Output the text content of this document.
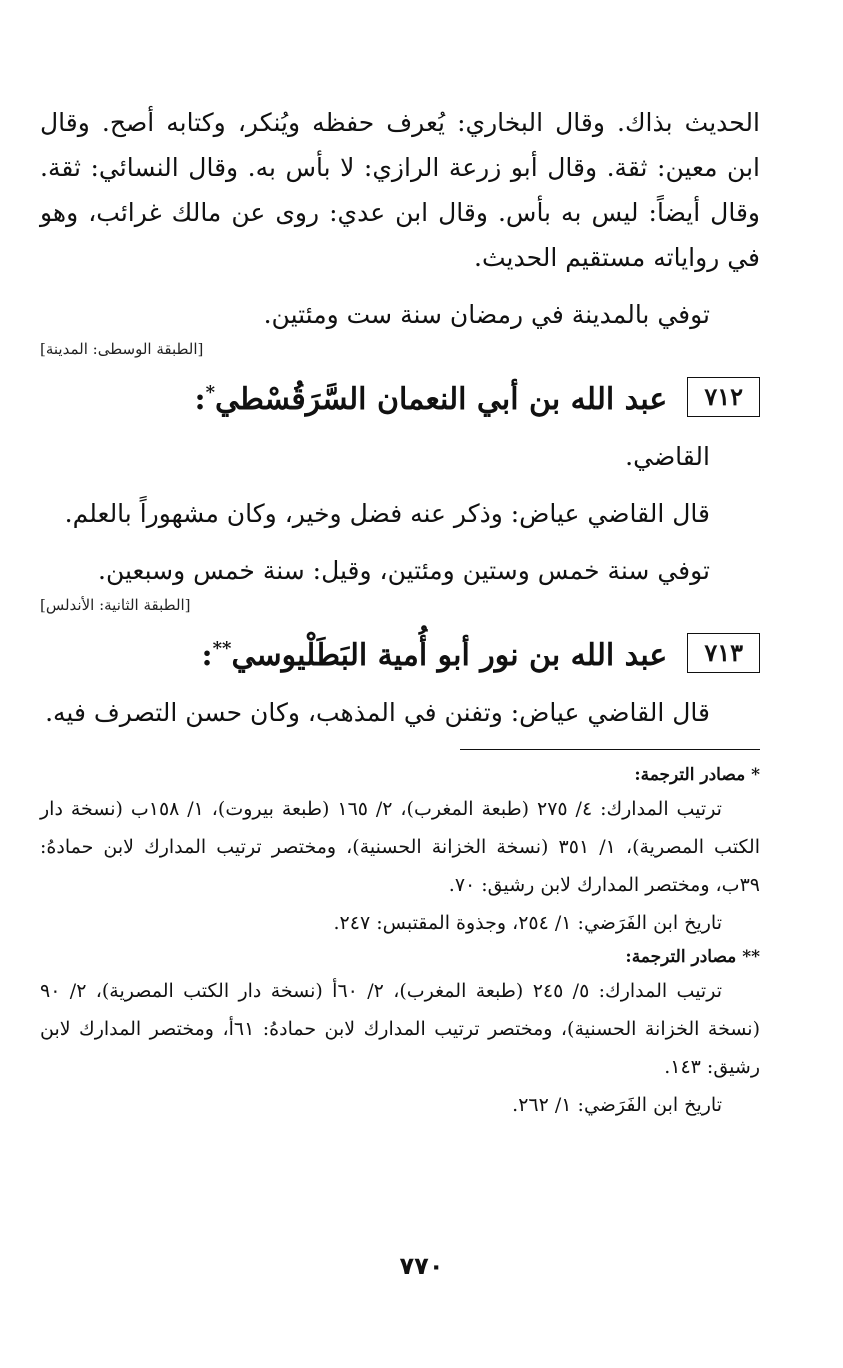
الحديث بذاك. وقال البخاري: يُعرف حفظه ويُنكر، وكتابه أصح. وقال ابن معين: ثقة. وقال أبو زرعة الرازي: لا بأس به. وقال النسائي: ثقة. وقال أيضاً: ليس به بأس. وقال ابن عدي: روى عن مالك غرائب، وهو في رواياته مستقيم الحديث.

توفي بالمدينة في رمضان سنة ست ومئتين.

[الطبقة الوسطى: المدينة]
٧١٢
عبد الله بن أبي النعمان السَّرَقُسْطي*:

القاضي.

قال القاضي عياض: وذكر عنه فضل وخير، وكان مشهوراً بالعلم.

توفي سنة خمس وستين ومئتين، وقيل: سنة خمس وسبعين.

[الطبقة الثانية: الأندلس]
٧١٣
عبد الله بن نور أبو أُمية البَطَلْيوسي**:

قال القاضي عياض: وتفنن في المذهب، وكان حسن التصرف فيه.

* مصادر الترجمة:

ترتيب المدارك: ٤/ ٢٧٥ (طبعة المغرب)، ٢/ ١٦٥ (طبعة بيروت)، ١/ ١٥٨ب (نسخة دار الكتب المصرية)، ١/ ٣٥١ (نسخة الخزانة الحسنية)، ومختصر ترتيب المدارك لابن حمادهُ: ٣٩ب، ومختصر المدارك لابن رشيق: ٧٠.

تاريخ ابن الفَرَضي: ١/ ٢٥٤، وجذوة المقتبس: ٢٤٧.

** مصادر الترجمة:

ترتيب المدارك: ٥/ ٢٤٥ (طبعة المغرب)، ٢/ ٦٠أ (نسخة دار الكتب المصرية)، ٢/ ٩٠ (نسخة الخزانة الحسنية)، ومختصر ترتيب المدارك لابن حمادهُ: ٦١أ، ومختصر المدارك لابن رشيق: ١٤٣.

تاريخ ابن الفَرَضي: ١/ ٢٦٢.

٧٧٠
